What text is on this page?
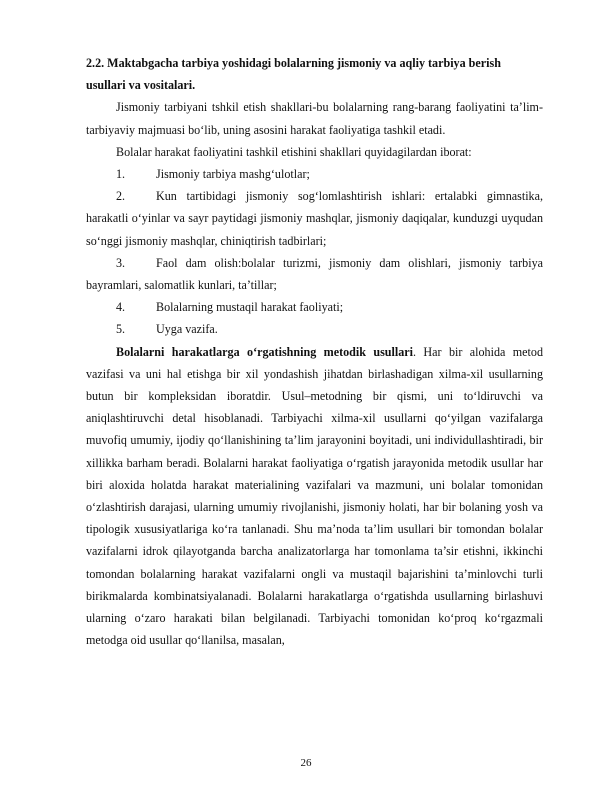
2.2. Maktabgacha tarbiya yoshidagi bolalarning jismoniy va aqliy tarbiya berish usullari va vositalari.

Jismoniy tarbiyani tshkil etish shakllari-bu bolalarning rang-barang faoliyatini ta’lim- tarbiyaviy majmuasi bo‘lib, uning asosini harakat faoliyatiga tashkil etadi.

Bolalar harakat faoliyatini tashkil etishini shakllari quyidagilardan iborat:

1.	Jismoniy tarbiya mashg‘ulotlar;

2.	Kun tartibidagi jismoniy sog‘lomlashtirish ishlari: ertalabki gimnastika, harakatli o‘yinlar va sayr paytidagi jismoniy mashqlar, jismoniy daqiqalar, kunduzgi uyqudan so‘nggi jismoniy mashqlar, chiniqtirish tadbirlari;

3.	Faol dam olish:bolalar turizmi, jismoniy dam olishlari, jismoniy tarbiya bayramlari, salomatlik kunlari, ta’tillar;

4.	Bolalarning mustaqil harakat faoliyati;

5.	Uyga vazifa.

Bolalarni harakatlarga o‘rgatishning metodik usullari. Har bir alohida metod vazifasi va uni hal etishga bir xil yondashish jihatdan birlashadigan xilma-xil usullarning butun bir kompleksidan iboratdir. Usul–metodning bir qismi, uni to‘ldiruvchi va aniqlashtiruvchi detal hisoblanadi. Tarbiyachi xilma-xil usullarni qo‘yilgan vazifalarga muvofiq umumiy, ijodiy qo‘llanishining ta’lim jarayonini boyitadi, uni individullashtiradi, bir xillikka barham beradi. Bolalarni harakat faoliyatiga o‘rgatish jarayonida metodik usullar har biri aloxida holatda harakat materialining vazifalari va mazmuni, uni bolalar tomonidan o‘zlashtirish darajasi, ularning umumiy rivojlanishi, jismoniy holati, har bir bolaning yosh va tipologik xususiyatlariga ko‘ra tanlanadi. Shu ma’noda ta’lim usullari bir tomondan bolalar vazifalarni idrok qilayotganda barcha analizatorlarga har tomonlama ta’sir etishni, ikkinchi tomondan bolalarning harakat vazifalarni ongli va mustaqil bajarishini ta’minlovchi turli birikmalarda kombinatsiyalanadi. Bolalarni harakatlarga o‘rgatishda usullarning birlashuvi ularning o‘zaro harakati bilan belgilanadi. Tarbiyachi tomonidan ko‘proq ko‘rgazmali metodga oid usullar qo‘llanilsa, masalan,

26
